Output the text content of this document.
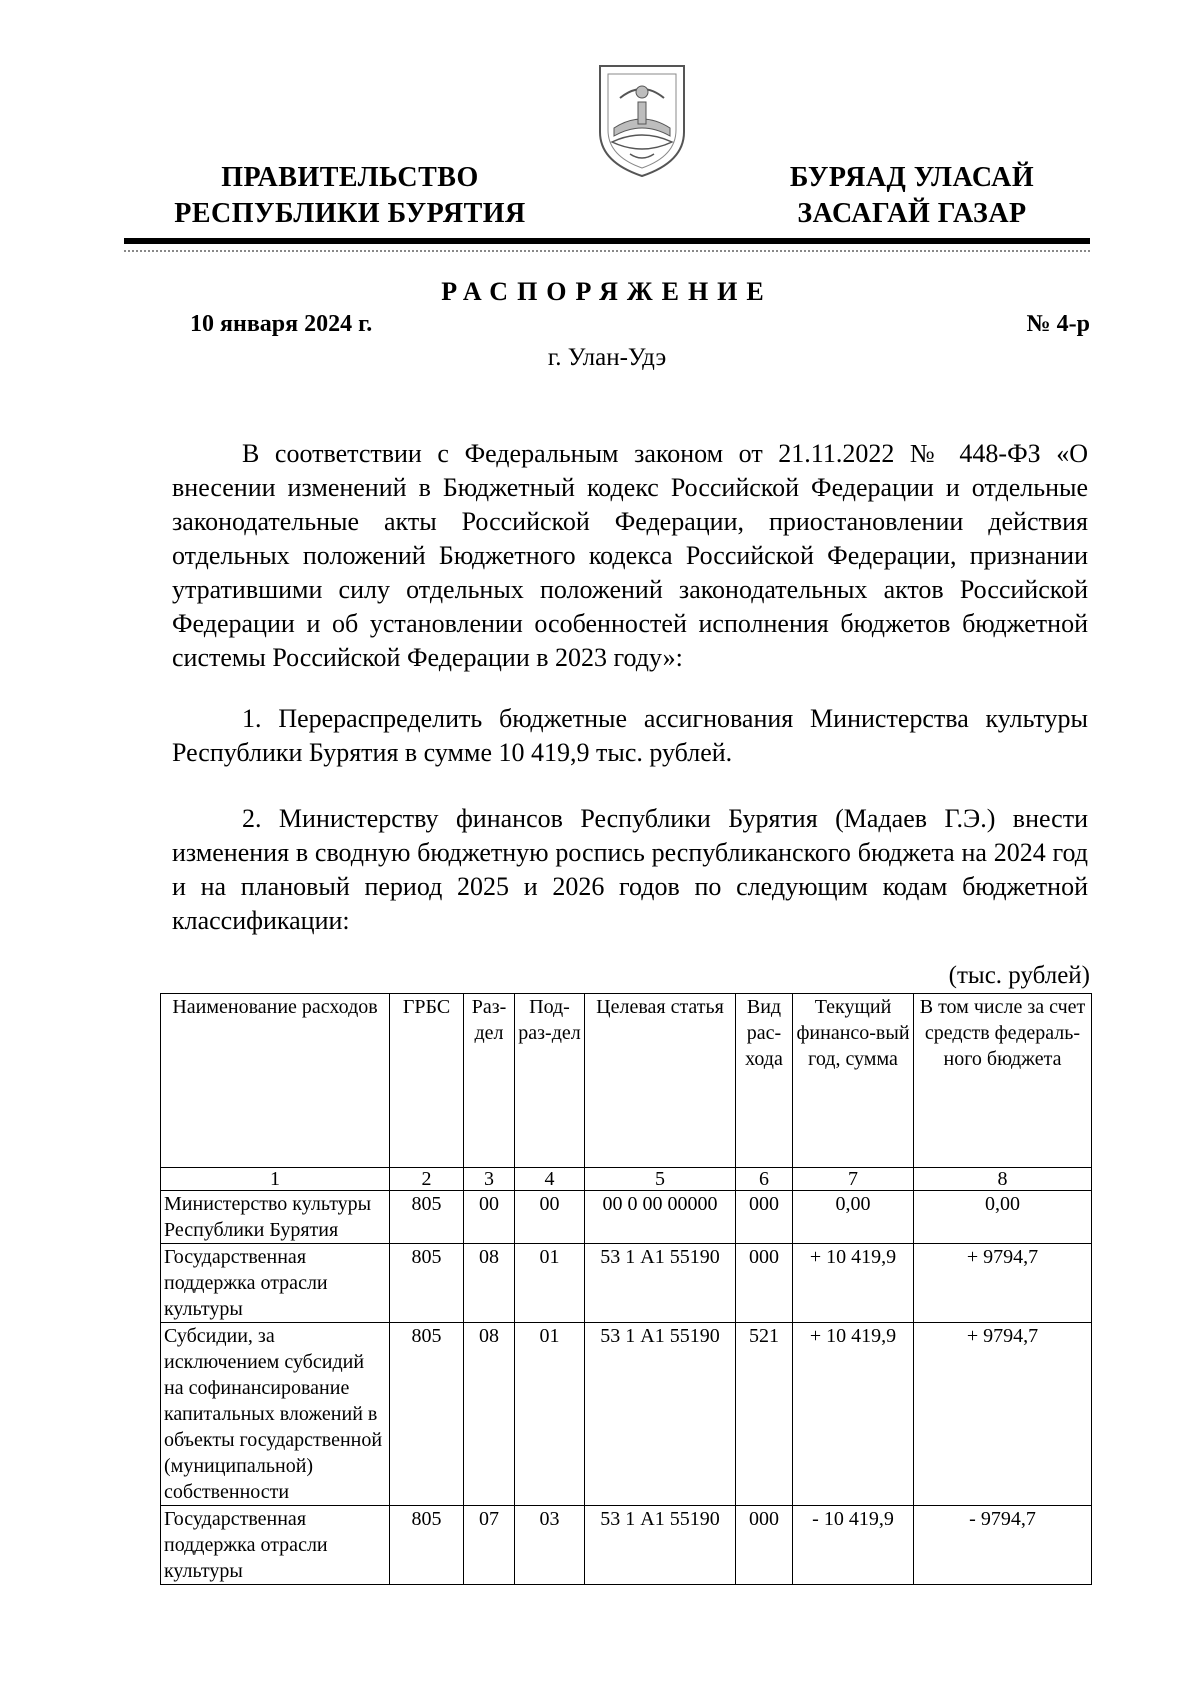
ПРАВИТЕЛЬСТВО
РЕСПУБЛИКИ БУРЯТИЯ
БУРЯАД УЛАСАЙ
ЗАСАГАЙ ГАЗАР
РАСПОРЯЖЕНИЕ
10 января 2024 г.	№ 4-р
г. Улан-Удэ
В соответствии с Федеральным законом от 21.11.2022 № 448-ФЗ «О внесении изменений в Бюджетный кодекс Российской Федерации и отдельные законодательные акты Российской Федерации, приостановлении действия отдельных положений Бюджетного кодекса Российской Федерации, признании утратившими силу отдельных положений законодательных актов Российской Федерации и об установлении особенностей исполнения бюджетов бюджетной системы Российской Федерации в 2023 году»:
1. Перераспределить бюджетные ассигнования Министерства культуры Республики Бурятия в сумме 10 419,9 тыс. рублей.
2. Министерству финансов Республики Бурятия (Мадаев Г.Э.) внести изменения в сводную бюджетную роспись республиканского бюджета на 2024 год и на плановый период 2025 и 2026 годов по следующим кодам бюджетной классификации:
(тыс. рублей)
Наименование расходов	ГРБС	Раз-дел	Под-раз-дел	Целевая статья	Вид рас-хода	Текущий финансо-вый год, сумма	В том числе за счет средств федераль-ного бюджета
1	2	3	4	5	6	7	8
Министерство культуры Республики Бурятия	805	00	00	00 0 00 00000	000	0,00	0,00
Государственная поддержка отрасли культуры	805	08	01	53 1 А1 55190	000	+ 10 419,9	+ 9794,7
Субсидии, за исключением субсидий на софинансирование капитальных вложений в объекты государственной (муниципальной) собственности	805	08	01	53 1 А1 55190	521	+ 10 419,9	+ 9794,7
Государственная поддержка отрасли культуры	805	07	03	53 1 А1 55190	000	- 10 419,9	- 9794,7
